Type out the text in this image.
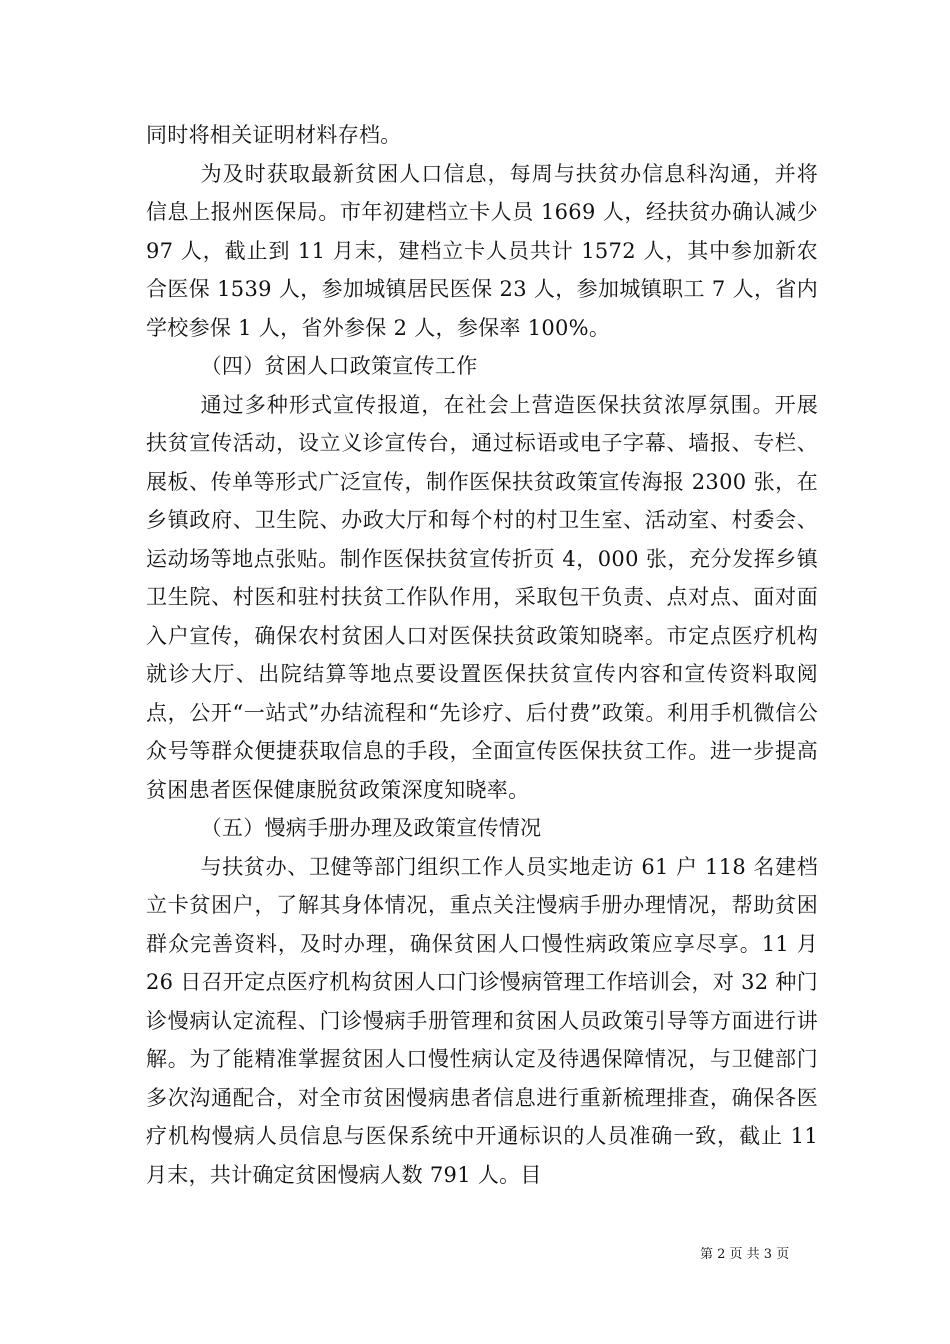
同时将相关证明材料存档。

为及时获取最新贫困人口信息，每周与扶贫办信息科沟通，并将信息上报州医保局。市年初建档立卡人员 1669 人，经扶贫办确认减少 97 人，截止到 11 月末，建档立卡人员共计 1572 人，其中参加新农合医保 1539 人，参加城镇居民医保 23 人，参加城镇职工 7 人，省内学校参保 1 人，省外参保 2 人，参保率 100%。

（四）贫困人口政策宣传工作

通过多种形式宣传报道，在社会上营造医保扶贫浓厚氛围。开展扶贫宣传活动，设立义诊宣传台，通过标语或电子字幕、墙报、专栏、展板、传单等形式广泛宣传，制作医保扶贫政策宣传海报 2300 张，在乡镇政府、卫生院、办政大厅和每个村的村卫生室、活动室、村委会、运动场等地点张贴。制作医保扶贫宣传折页 4，000 张，充分发挥乡镇卫生院、村医和驻村扶贫工作队作用，采取包干负责、点对点、面对面入户宣传，确保农村贫困人口对医保扶贫政策知晓率。市定点医疗机构就诊大厅、出院结算等地点要设置医保扶贫宣传内容和宣传资料取阅点，公开“一站式”办结流程和“先诊疗、后付费”政策。利用手机微信公众号等群众便捷获取信息的手段，全面宣传医保扶贫工作。进一步提高贫困患者医保健康脱贫政策深度知晓率。

（五）慢病手册办理及政策宣传情况

与扶贫办、卫健等部门组织工作人员实地走访 61 户 118 名建档立卡贫困户，了解其身体情况，重点关注慢病手册办理情况，帮助贫困群众完善资料，及时办理，确保贫困人口慢性病政策应享尽享。11 月 26 日召开定点医疗机构贫困人口门诊慢病管理工作培训会，对 32 种门诊慢病认定流程、门诊慢病手册管理和贫困人员政策引导等方面进行讲解。为了能精准掌握贫困人口慢性病认定及待遇保障情况，与卫健部门多次沟通配合，对全市贫困慢病患者信息进行重新梳理排查，确保各医疗机构慢病人员信息与医保系统中开通标识的人员准确一致，截止 11 月末，共计确定贫困慢病人数 791 人。目

第 2 页 共 3 页
